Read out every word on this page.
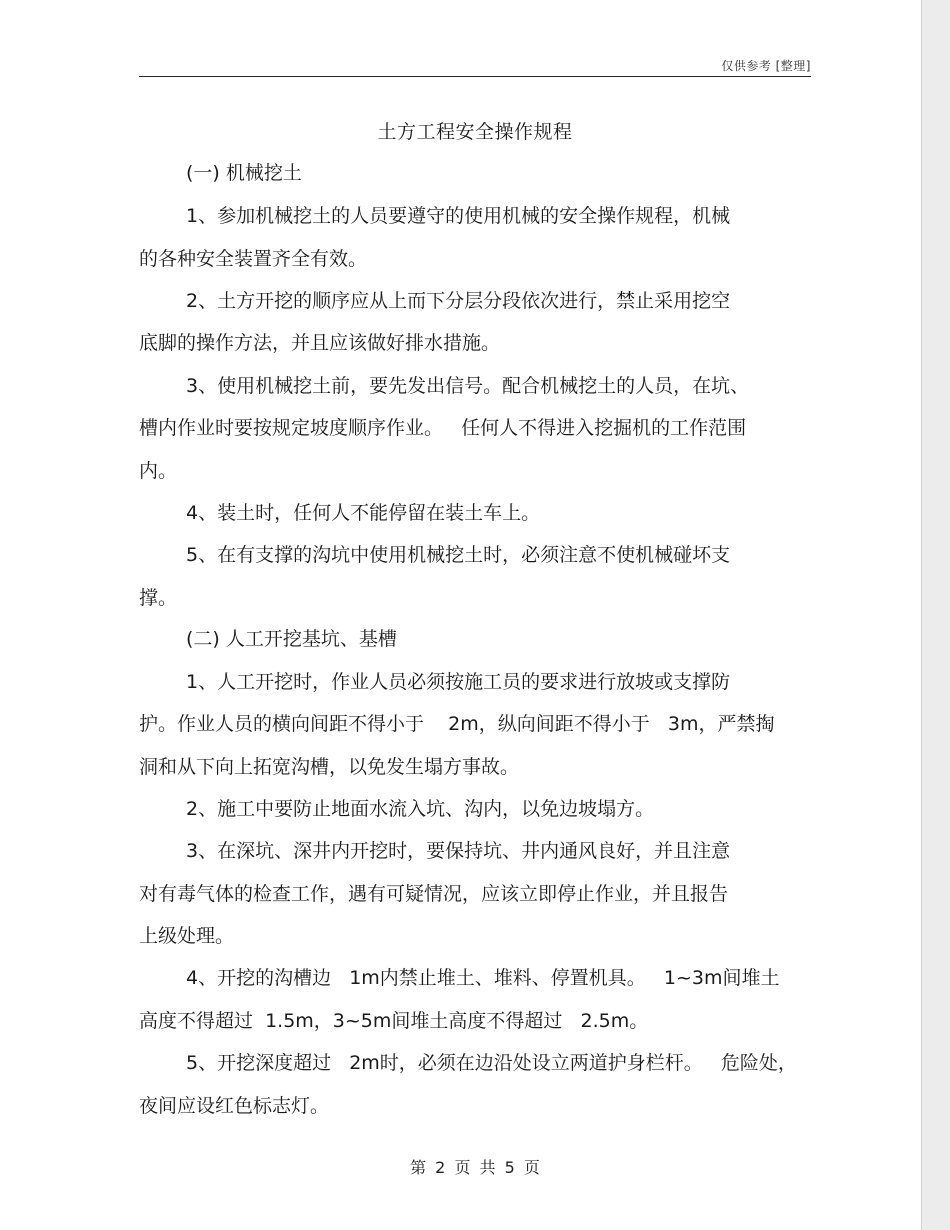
仅供参考 [整理]
土方工程安全操作规程
(一) 机械挖土
1、参加机械挖土的人员要遵守的使用机械的安全操作规程，机械
的各种安全装置齐全有效。
2、土方开挖的顺序应从上而下分层分段依次进行，禁止采用挖空
底脚的操作方法，并且应该做好排水措施。
3、使用机械挖土前，要先发出信号。配合机械挖土的人员，在坑、
槽内作业时要按规定坡度顺序作业。   任何人不得进入挖掘机的工作范围
内。
4、装土时，任何人不能停留在装土车上。
5、在有支撑的沟坑中使用机械挖土时，必须注意不使机械碰坏支
撑。
(二) 人工开挖基坑、基槽
1、人工开挖时，作业人员必须按施工员的要求进行放坡或支撑防
护。作业人员的横向间距不得小于    2m，纵向间距不得小于   3m，严禁掏
洞和从下向上拓宽沟槽，以免发生塌方事故。
2、施工中要防止地面水流入坑、沟内，以免边坡塌方。
3、在深坑、深井内开挖时，要保持坑、井内通风良好，并且注意
对有毒气体的检查工作，遇有可疑情况，应该立即停止作业，并且报告
上级处理。
4、开挖的沟槽边   1m内禁止堆土、堆料、停置机具。   1~3m间堆土
高度不得超过  1.5m，3~5m间堆土高度不得超过   2.5m。
5、开挖深度超过   2m时，必须在边沿处设立两道护身栏杆。   危险处，
夜间应设红色标志灯。
第 2 页 共 5 页
